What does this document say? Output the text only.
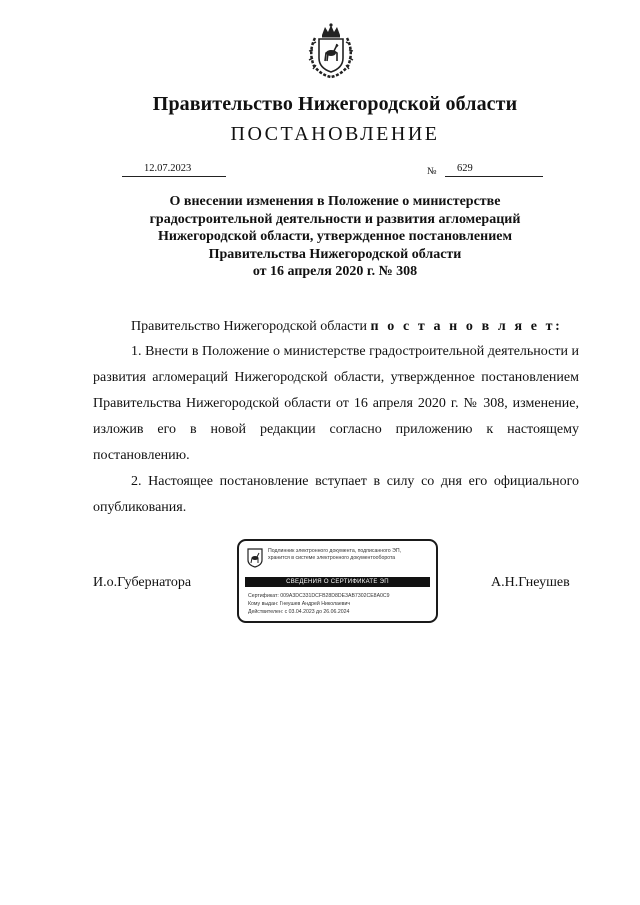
Правительство Нижегородской области
ПОСТАНОВЛЕНИЕ
12.07.2023	№	629
О внесении изменения в Положение о министерстве
градостроительной деятельности и развития агломераций
Нижегородской области, утвержденное постановлением
Правительства Нижегородской области
от 16 апреля 2020 г. № 308
Правительство Нижегородской области п о с т а н о в л я е т:

1. Внести в Положение о министерстве градостроительной деятельности и развития агломераций Нижегородской области, утвержденное постановлением Правительства Нижегородской области от 16 апреля 2020 г. № 308, изменение, изложив его в новой редакции согласно приложению к настоящему постановлению.

2. Настоящее постановление вступает в силу со дня его официального опубликования.

И.о.Губернатора	А.Н.Гнеушев
Подлинник электронного документа, подписанного ЭП,
хранится в системе электронного документооборота
СВЕДЕНИЯ О СЕРТИФИКАТЕ ЭП
Сертификат: 009A3DC331DCFB28D8DE3AB7302CE8A0C9
Кому выдан: Гнеушев Андрей Николаевич
Действителен: с 03.04.2023 до 26.06.2024
